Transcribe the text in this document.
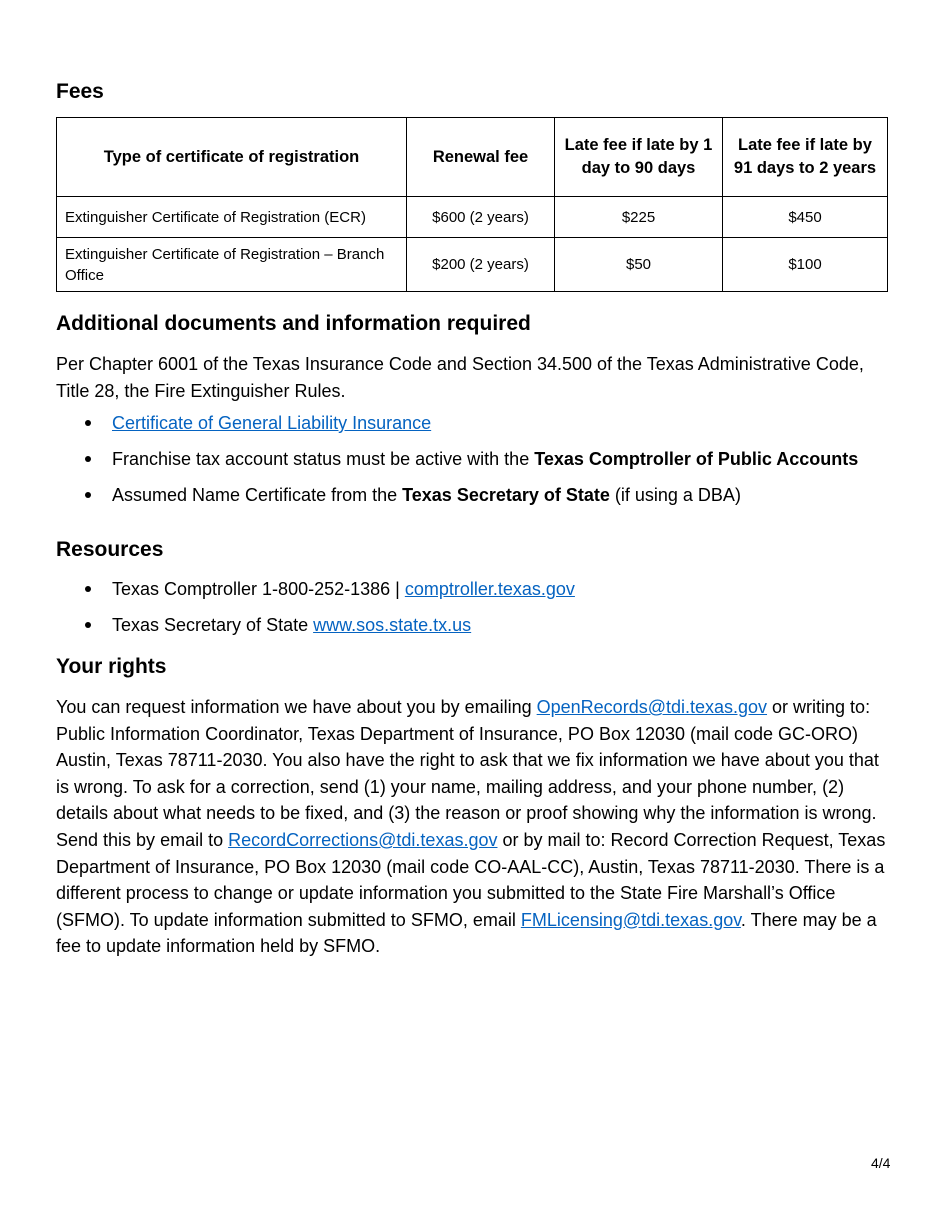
Fees
Type of certificate of registration	Renewal fee	Late fee if late by 1 day to 90 days	Late fee if late by 91 days to 2 years
Extinguisher Certificate of Registration (ECR)	$600 (2 years)	$225	$450
Extinguisher Certificate of Registration – Branch Office	$200 (2 years)	$50	$100
Additional documents and information required

Per Chapter 6001 of the Texas Insurance Code and Section 34.500 of the Texas Administrative Code, Title 28, the Fire Extinguisher Rules.

Certificate of General Liability Insurance
Franchise tax account status must be active with the Texas Comptroller of Public Accounts
Assumed Name Certificate from the Texas Secretary of State (if using a DBA)
Resources
Texas Comptroller 1-800-252-1386 | comptroller.texas.gov
Texas Secretary of State www.sos.state.tx.us
Your rights

You can request information we have about you by emailing OpenRecords@tdi.texas.gov or writing to: Public Information Coordinator, Texas Department of Insurance, PO Box 12030 (mail code GC-ORO) Austin, Texas 78711-2030. You also have the right to ask that we fix information we have about you that is wrong. To ask for a correction, send (1) your name, mailing address, and your phone number, (2) details about what needs to be fixed, and (3) the reason or proof showing why the information is wrong. Send this by email to RecordCorrections@tdi.texas.gov or by mail to: Record Correction Request, Texas Department of Insurance, PO Box 12030 (mail code CO-AAL-CC), Austin, Texas 78711-2030. There is a different process to change or update information you submitted to the State Fire Marshall’s Office (SFMO). To update information submitted to SFMO, email FMLicensing@tdi.texas.gov. There may be a fee to update information held by SFMO.

4/4
